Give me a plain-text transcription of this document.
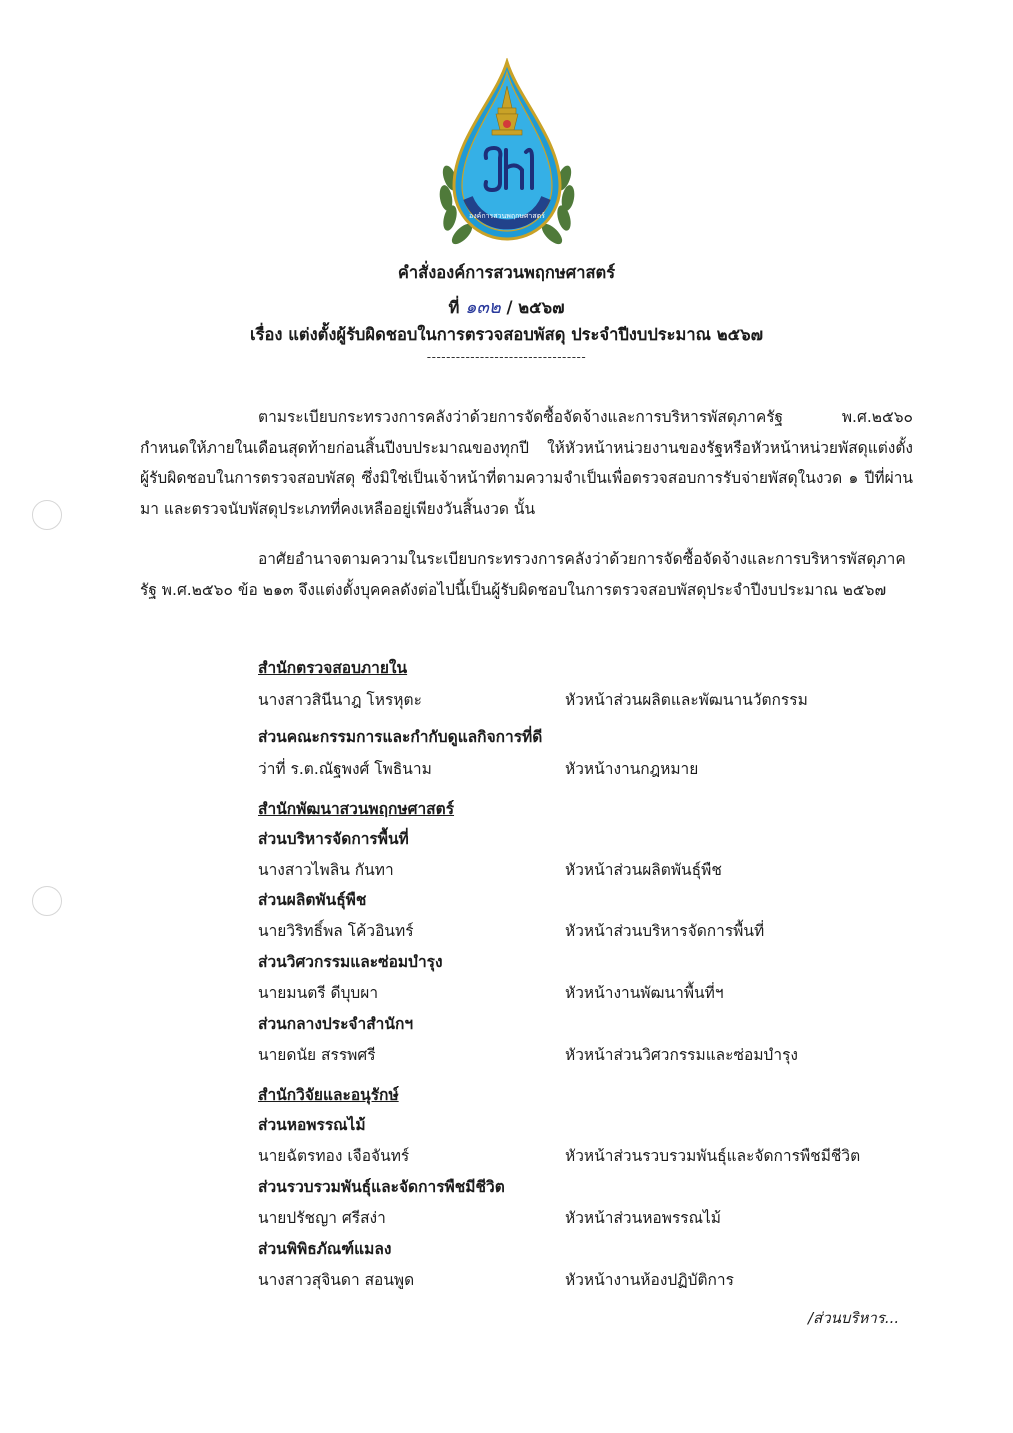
องค์การสวนพฤกษศาสตร์
คำสั่งองค์การสวนพฤกษศาสตร์
ที่ ๑๓๒ / ๒๕๖๗
เรื่อง แต่งตั้งผู้รับผิดชอบในการตรวจสอบพัสดุ ประจำปีงบประมาณ ๒๕๖๗
---------------------------------
ตามระเบียบกระทรวงการคลังว่าด้วยการจัดซื้อจัดจ้างและการบริหารพัสดุภาครัฐ พ.ศ.๒๕๖๐ กำหนดให้ภายในเดือนสุดท้ายก่อนสิ้นปีงบประมาณของทุกปี ให้หัวหน้าหน่วยงานของรัฐหรือหัวหน้าหน่วยพัสดุแต่งตั้งผู้รับผิดชอบในการตรวจสอบพัสดุ ซึ่งมิใช่เป็นเจ้าหน้าที่ตามความจำเป็นเพื่อตรวจสอบการรับจ่ายพัสดุในงวด ๑ ปีที่ผ่านมา และตรวจนับพัสดุประเภทที่คงเหลืออยู่เพียงวันสิ้นงวด นั้น
อาศัยอำนาจตามความในระเบียบกระทรวงการคลังว่าด้วยการจัดซื้อจัดจ้างและการบริหารพัสดุภาครัฐ พ.ศ.๒๕๖๐ ข้อ ๒๑๓ จึงแต่งตั้งบุคคลดังต่อไปนี้เป็นผู้รับผิดชอบในการตรวจสอบพัสดุประจำปีงบประมาณ ๒๕๖๗
สำนักตรวจสอบภายใน
นางสาวสินีนาฎ โหรหุตะ	หัวหน้าส่วนผลิตและพัฒนานวัตกรรม
ส่วนคณะกรรมการและกำกับดูแลกิจการที่ดี
ว่าที่ ร.ต.ณัฐพงศ์ โพธินาม	หัวหน้างานกฎหมาย
สำนักพัฒนาสวนพฤกษศาสตร์
ส่วนบริหารจัดการพื้นที่
นางสาวไพลิน กันทา	หัวหน้าส่วนผลิตพันธุ์พืช
ส่วนผลิตพันธุ์พืช
นายวิริทธิ์พล โค้วอินทร์	หัวหน้าส่วนบริหารจัดการพื้นที่
ส่วนวิศวกรรมและซ่อมบำรุง
นายมนตรี ดีบุบผา	หัวหน้างานพัฒนาพื้นที่ฯ
ส่วนกลางประจำสำนักฯ
นายดนัย สรรพศรี	หัวหน้าส่วนวิศวกรรมและซ่อมบำรุง
สำนักวิจัยและอนุรักษ์
ส่วนหอพรรณไม้
นายฉัตรทอง เจือจันทร์	หัวหน้าส่วนรวบรวมพันธุ์และจัดการพืชมีชีวิต
ส่วนรวบรวมพันธุ์และจัดการพืชมีชีวิต
นายปรัชญา ศรีสง่า	หัวหน้าส่วนหอพรรณไม้
ส่วนพิพิธภัณฑ์แมลง
นางสาวสุจินดา สอนพูด	หัวหน้างานห้องปฏิบัติการ
/ส่วนบริหาร...
